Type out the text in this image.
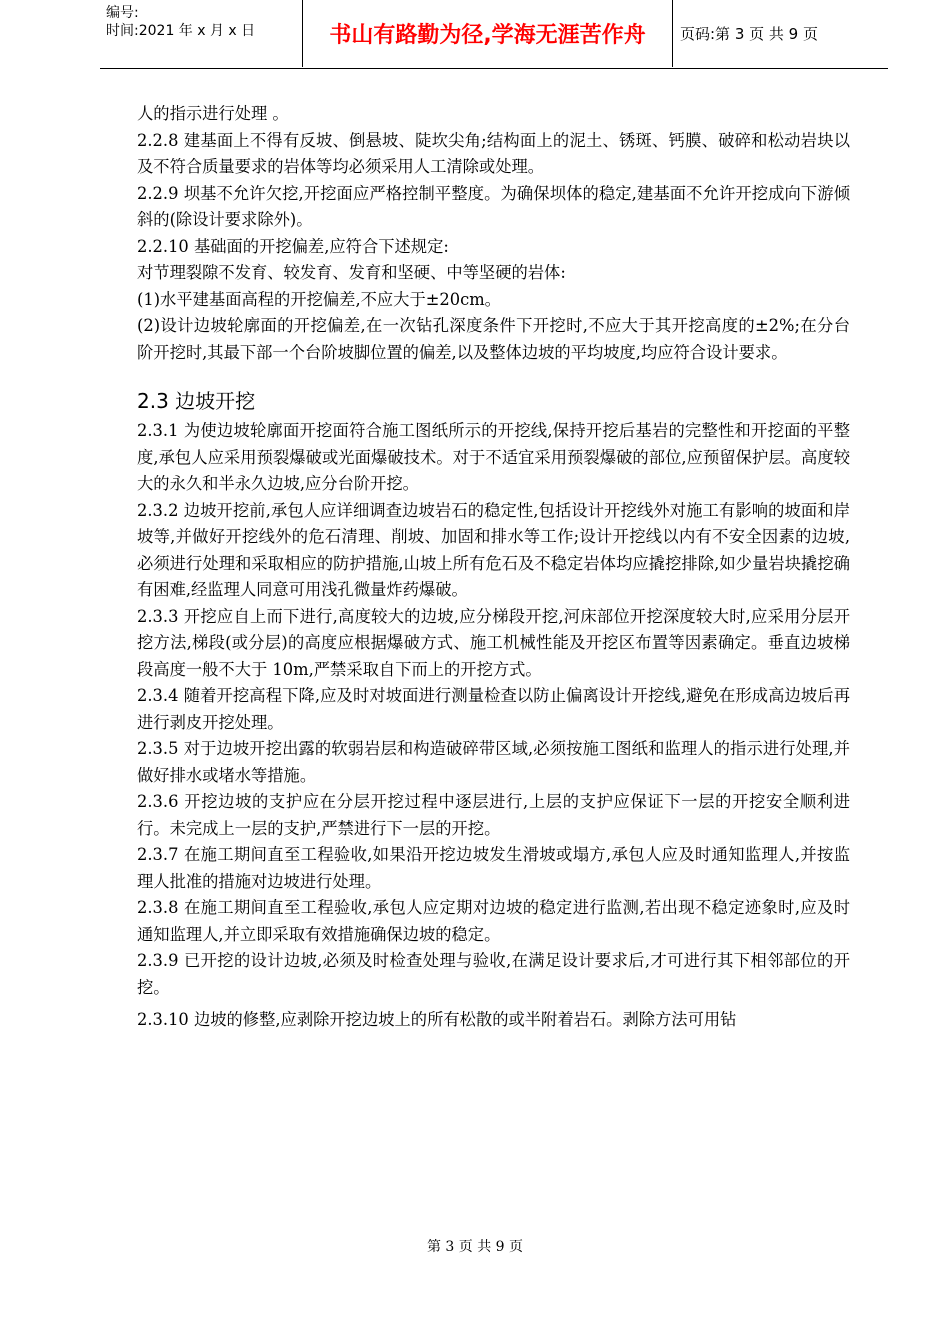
编号:
时间:2021 年 x 月 x 日	书山有路勤为径,学海无涯苦作舟	页码:第 3 页 共 9 页

人的指示进行处理 。

2.2.8 建基面上不得有反坡、倒悬坡、陡坎尖角;结构面上的泥土、锈斑、钙膜、破碎和松动岩块以及不符合质量要求的岩体等均必须采用人工清除或处理。

2.2.9 坝基不允许欠挖,开挖面应严格控制平整度。为确保坝体的稳定,建基面不允许开挖成向下游倾斜的(除设计要求除外)。

2.2.10 基础面的开挖偏差,应符合下述规定:

对节理裂隙不发育、较发育、发育和坚硬、中等坚硬的岩体:

(1)水平建基面高程的开挖偏差,不应大于±20cm。

(2)设计边坡轮廓面的开挖偏差,在一次钻孔深度条件下开挖时,不应大于其开挖高度的±2%;在分台阶开挖时,其最下部一个台阶坡脚位置的偏差,以及整体边坡的平均坡度,均应符合设计要求。

2.3 边坡开挖

2.3.1 为使边坡轮廓面开挖面符合施工图纸所示的开挖线,保持开挖后基岩的完整性和开挖面的平整度,承包人应采用预裂爆破或光面爆破技术。对于不适宜采用预裂爆破的部位,应预留保护层。高度较大的永久和半永久边坡,应分台阶开挖。

2.3.2 边坡开挖前,承包人应详细调查边坡岩石的稳定性,包括设计开挖线外对施工有影响的坡面和岸坡等,并做好开挖线外的危石清理、削坡、加固和排水等工作;设计开挖线以内有不安全因素的边坡,必须进行处理和采取相应的防护措施,山坡上所有危石及不稳定岩体均应撬挖排除,如少量岩块撬挖确有困难,经监理人同意可用浅孔微量炸药爆破。

2.3.3 开挖应自上而下进行,高度较大的边坡,应分梯段开挖,河床部位开挖深度较大时,应采用分层开挖方法,梯段(或分层)的高度应根据爆破方式、施工机械性能及开挖区布置等因素确定。垂直边坡梯段高度一般不大于 10m,严禁采取自下而上的开挖方式。

2.3.4 随着开挖高程下降,应及时对坡面进行测量检查以防止偏离设计开挖线,避免在形成高边坡后再进行剥皮开挖处理。

2.3.5 对于边坡开挖出露的软弱岩层和构造破碎带区域,必须按施工图纸和监理人的指示进行处理,并做好排水或堵水等措施。

2.3.6 开挖边坡的支护应在分层开挖过程中逐层进行,上层的支护应保证下一层的开挖安全顺利进行。未完成上一层的支护,严禁进行下一层的开挖。

2.3.7 在施工期间直至工程验收,如果沿开挖边坡发生滑坡或塌方,承包人应及时通知监理人,并按监理人批准的措施对边坡进行处理。

2.3.8 在施工期间直至工程验收,承包人应定期对边坡的稳定进行监测,若出现不稳定迹象时,应及时通知监理人,并立即采取有效措施确保边坡的稳定。

2.3.9 已开挖的设计边坡,必须及时检查处理与验收,在满足设计要求后,才可进行其下相邻部位的开挖。

2.3.10 边坡的修整,应剥除开挖边坡上的所有松散的或半附着岩石。剥除方法可用钻

第 3 页 共 9 页
